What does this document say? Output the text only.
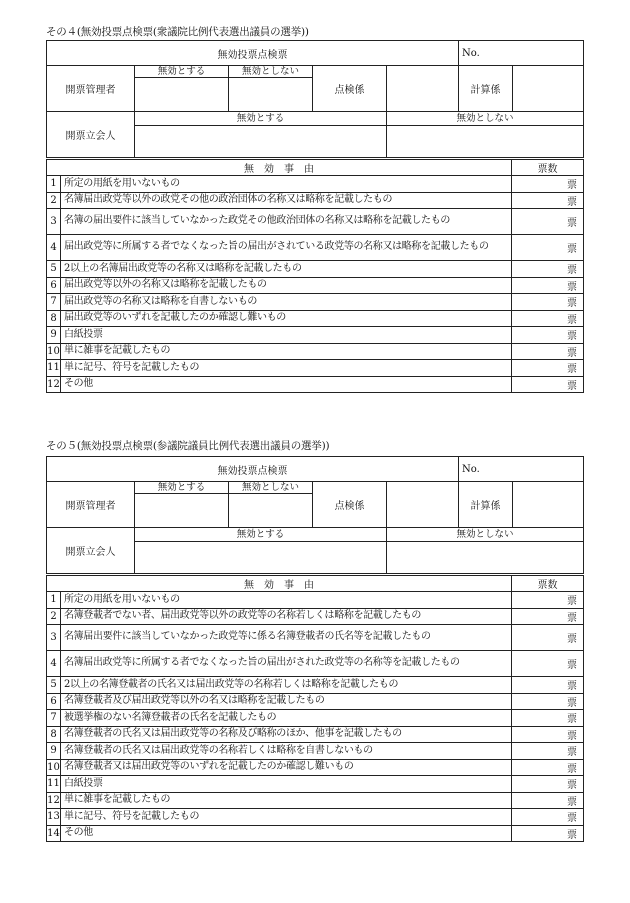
その４(無効投票点検票(衆議院比例代表選出議員の選挙))
無効投票点検票					No.	
開票管理者	無効とする	無効としない	点検係		計算係	

開票立会人	無効とする			無効としない		

無　効　事　由		票数
1	所定の用紙を用いないもの	票
2	名簿届出政党等以外の政党その他の政治団体の名称又は略称を記載したもの	票
3	名簿の届出要件に該当していなかった政党その他政治団体の名称又は略称を記載したもの	票
4	届出政党等に所属する者でなくなった旨の届出がされている政党等の名称又は略称を記載したもの	票
5	2以上の名簿届出政党等の名称又は略称を記載したもの	票
6	届出政党等以外の名称又は略称を記載したもの	票
7	届出政党等の名称又は略称を自書しないもの	票
8	届出政党等のいずれを記載したのか確認し難いもの	票
9	白紙投票	票
10	単に雑事を記載したもの	票
11	単に記号、符号を記載したもの	票
12	その他	票
その５(無効投票点検票(参議院議員比例代表選出議員の選挙))
無効投票点検票					No.	
開票管理者	無効とする	無効としない	点検係		計算係	

開票立会人	無効とする			無効としない		

無　効　事　由		票数
1	所定の用紙を用いないもの	票
2	名簿登載者でない者、届出政党等以外の政党等の名称若しくは略称を記載したもの	票
3	名簿届出要件に該当していなかった政党等に係る名簿登載者の氏名等を記載したもの	票
4	名簿届出政党等に所属する者でなくなった旨の届出がされた政党等の名称等を記載したもの	票
5	2以上の名簿登載者の氏名又は届出政党等の名称若しくは略称を記載したもの	票
6	名簿登載者及び届出政党等以外の名又は略称を記載したもの	票
7	被選挙権のない名簿登載者の氏名を記載したもの	票
8	名簿登載者の氏名又は届出政党等の名称及び略称のほか、他事を記載したもの	票
9	名簿登載者の氏名又は届出政党等の名称若しくは略称を自書しないもの	票
10	名簿登載者又は届出政党等のいずれを記載したのか確認し難いもの	票
11	白紙投票	票
12	単に雑事を記載したもの	票
13	単に記号、符号を記載したもの	票
14	その他	票
